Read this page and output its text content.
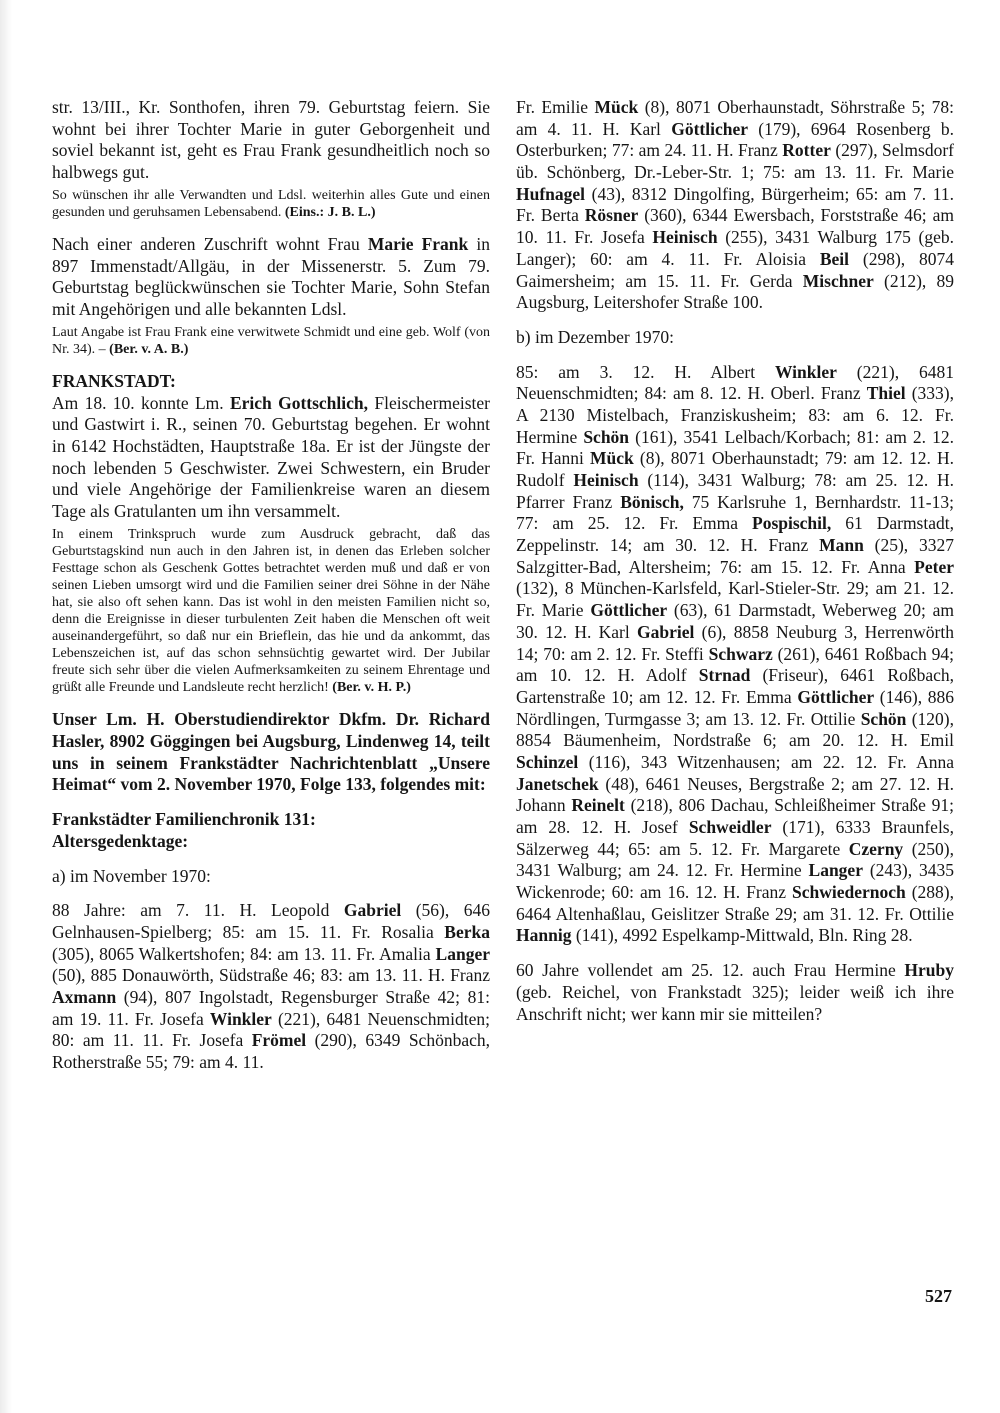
str. 13/III., Kr. Sonthofen, ihren 79. Geburtstag feiern. Sie wohnt bei ihrer Tochter Marie in guter Geborgenheit und soviel bekannt ist, geht es Frau Frank gesundheitlich noch so halbwegs gut.

So wünschen ihr alle Verwandten und Ldsl. weiterhin alles Gute und einen gesunden und geruhsamen Lebensabend. (Eins.: J. B. L.)

Nach einer anderen Zuschrift wohnt Frau Marie Frank in 897 Immenstadt/Allgäu, in der Missenerstr. 5. Zum 79. Geburtstag beglückwünschen sie Tochter Marie, Sohn Stefan mit Angehörigen und alle bekannten Ldsl.

Laut Angabe ist Frau Frank eine verwitwete Schmidt und eine geb. Wolf (von Nr. 34). – (Ber. v. A. B.)

FRANKSTADT:

Am 18. 10. konnte Lm. Erich Gottschlich, Fleischermeister und Gastwirt i. R., seinen 70. Geburtstag begehen. Er wohnt in 6142 Hochstädten, Hauptstraße 18a. Er ist der Jüngste der noch lebenden 5 Geschwister. Zwei Schwestern, ein Bruder und viele Angehörige der Familienkreise waren an diesem Tage als Gratulanten um ihn versammelt.

In einem Trinkspruch wurde zum Ausdruck gebracht, daß das Geburtstagskind nun auch in den Jahren ist, in denen das Erleben solcher Festtage schon als Geschenk Gottes betrachtet werden muß und daß er von seinen Lieben umsorgt wird und die Familien seiner drei Söhne in der Nähe hat, sie also oft sehen kann. Das ist wohl in den meisten Familien nicht so, denn die Ereignisse in dieser turbulenten Zeit haben die Menschen oft weit auseinandergeführt, so daß nur ein Brieflein, das hie und da ankommt, das Lebenszeichen ist, auf das schon sehnsüchtig gewartet wird. Der Jubilar freute sich sehr über die vielen Aufmerksamkeiten zu seinem Ehrentage und grüßt alle Freunde und Landsleute recht herzlich! (Ber. v. H. P.)

Unser Lm. H. Oberstudiendirektor Dkfm. Dr. Richard Hasler, 8902 Göggingen bei Augsburg, Lindenweg 14, teilt uns in seinem Frankstädter Nachrichtenblatt „Unsere Heimat“ vom 2. November 1970, Folge 133, folgendes mit:

Frankstädter Familienchronik 131:

Altersgedenktage:

a) im November 1970:

88 Jahre: am 7. 11. H. Leopold Gabriel (56), 646 Gelnhausen-Spielberg; 85: am 15. 11. Fr. Rosalia Berka (305), 8065 Walkertshofen; 84: am 13. 11. Fr. Amalia Langer (50), 885 Donauwörth, Südstraße 46; 83: am 13. 11. H. Franz Axmann (94), 807 Ingolstadt, Regensburger Straße 42; 81: am 19. 11. Fr. Josefa Winkler (221), 6481 Neuenschmidten; 80: am 11. 11. Fr. Josefa Frömel (290), 6349 Schönbach, Rotherstraße 55; 79: am 4. 11.

Fr. Emilie Mück (8), 8071 Oberhaunstadt, Söhrstraße 5; 78: am 4. 11. H. Karl Göttlicher (179), 6964 Rosenberg b. Osterburken; 77: am 24. 11. H. Franz Rotter (297), Selmsdorf üb. Schönberg, Dr.-Leber-Str. 1; 75: am 13. 11. Fr. Marie Hufnagel (43), 8312 Dingolfing, Bürgerheim; 65: am 7. 11. Fr. Berta Rösner (360), 6344 Ewersbach, Forststraße 46; am 10. 11. Fr. Josefa Heinisch (255), 3431 Walburg 175 (geb. Langer); 60: am 4. 11. Fr. Aloisia Beil (298), 8074 Gaimersheim; am 15. 11. Fr. Gerda Mischner (212), 89 Augsburg, Leitershofer Straße 100.

b) im Dezember 1970:

85: am 3. 12. H. Albert Winkler (221), 6481 Neuenschmidten; 84: am 8. 12. H. Oberl. Franz Thiel (333), A 2130 Mistelbach, Franziskusheim; 83: am 6. 12. Fr. Hermine Schön (161), 3541 Lelbach/Korbach; 81: am 2. 12. Fr. Hanni Mück (8), 8071 Oberhaunstadt; 79: am 12. 12. H. Rudolf Heinisch (114), 3431 Walburg; 78: am 25. 12. H. Pfarrer Franz Bönisch, 75 Karlsruhe 1, Bernhardstr. 11-13; 77: am 25. 12. Fr. Emma Pospischil, 61 Darmstadt, Zeppelinstr. 14; am 30. 12. H. Franz Mann (25), 3327 Salzgitter-Bad, Altersheim; 76: am 15. 12. Fr. Anna Peter (132), 8 München-Karlsfeld, Karl-Stieler-Str. 29; am 21. 12. Fr. Marie Göttlicher (63), 61 Darmstadt, Weberweg 20; am 30. 12. H. Karl Gabriel (6), 8858 Neuburg 3, Herrenwörth 14; 70: am 2. 12. Fr. Steffi Schwarz (261), 6461 Roßbach 94; am 10. 12. H. Adolf Strnad (Friseur), 6461 Roßbach, Gartenstraße 10; am 12. 12. Fr. Emma Göttlicher (146), 886 Nördlingen, Turmgasse 3; am 13. 12. Fr. Ottilie Schön (120), 8854 Bäumenheim, Nordstraße 6; am 20. 12. H. Emil Schinzel (116), 343 Witzenhausen; am 22. 12. Fr. Anna Janetschek (48), 6461 Neuses, Bergstraße 2; am 27. 12. H. Johann Reinelt (218), 806 Dachau, Schleißheimer Straße 91; am 28. 12. H. Josef Schweidler (171), 6333 Braunfels, Sälzerweg 44; 65: am 5. 12. Fr. Margarete Czerny (250), 3431 Walburg; am 24. 12. Fr. Hermine Langer (243), 3435 Wickenrode; 60: am 16. 12. H. Franz Schwiedernoch (288), 6464 Altenhaßlau, Geislitzer Straße 29; am 31. 12. Fr. Ottilie Hannig (141), 4992 Espelkamp-Mittwald, Bln. Ring 28.

60 Jahre vollendet am 25. 12. auch Frau Hermine Hruby (geb. Reichel, von Frankstadt 325); leider weiß ich ihre Anschrift nicht; wer kann mir sie mitteilen?

527
